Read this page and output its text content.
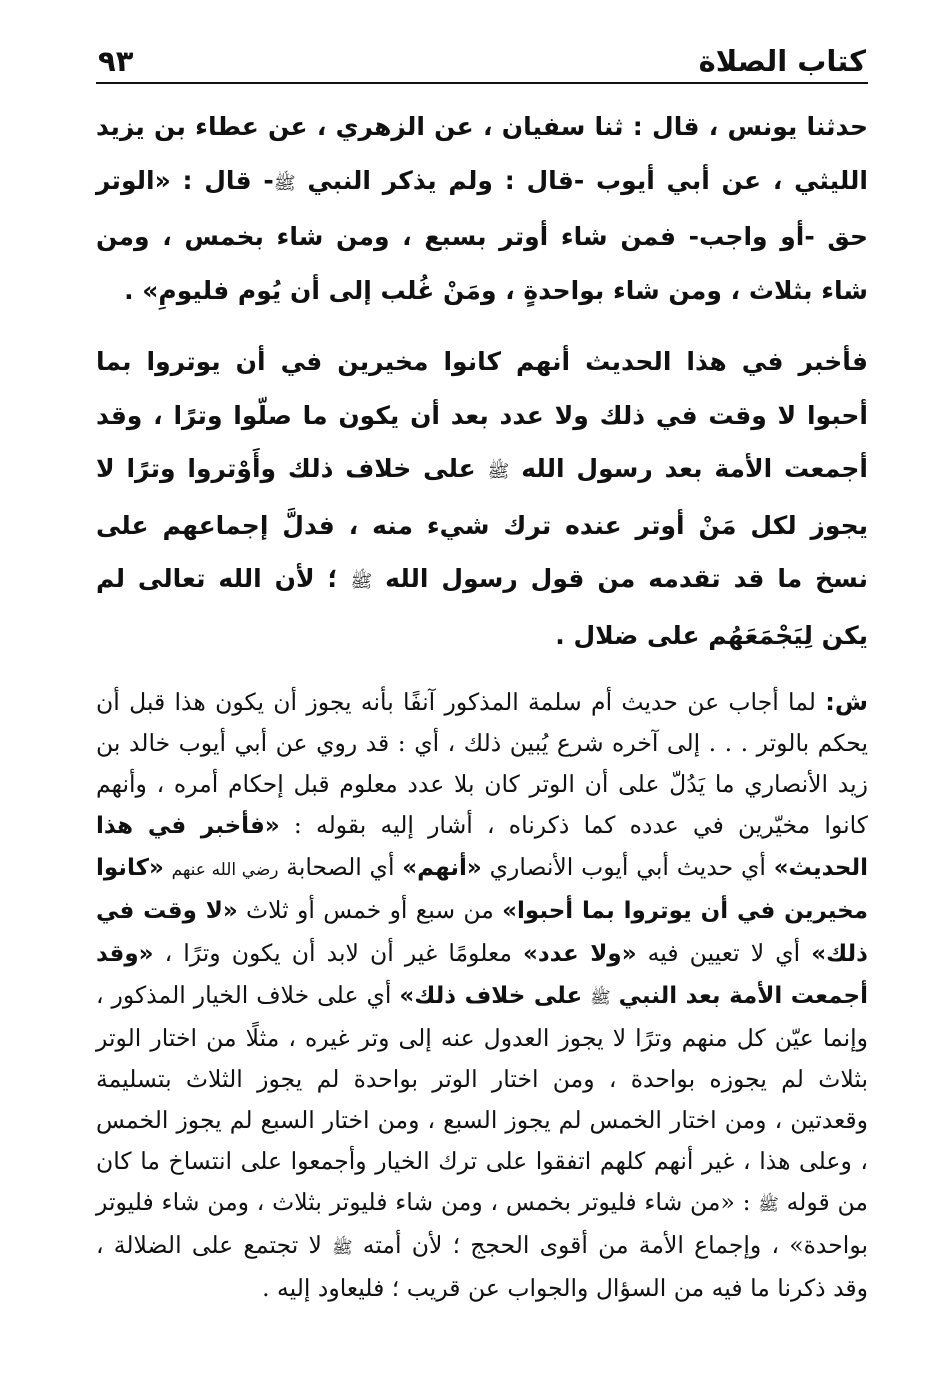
كتاب الصلاة
٩٣

حدثنا يونس ، قال : ثنا سفيان ، عن الزهري ، عن عطاء بن يزيد الليثي ، عن أبي أيوب -قال : ولم يذكر النبي ﷺ- قال : «الوتر حق -أو واجب- فمن شاء أوتر بسبع ، ومن شاء بخمس ، ومن شاء بثلاث ، ومن شاء بواحدةٍ ، ومَنْ غُلب إلى أن يُوم فليومِ» .

فأخبر في هذا الحديث أنهم كانوا مخيرين في أن يوتروا بما أحبوا لا وقت في ذلك ولا عدد بعد أن يكون ما صلّوا وترًا ، وقد أجمعت الأمة بعد رسول الله ﷺ على خلاف ذلك وأَوْتروا وترًا لا يجوز لكل مَنْ أوتر عنده ترك شيء منه ، فدلَّ إجماعهم على نسخ ما قد تقدمه من قول رسول الله ﷺ ؛ لأن الله تعالى لم يكن لِيَجْمَعَهُم على ضلال .

ش: لما أجاب عن حديث أم سلمة المذكور آنفًا بأنه يجوز أن يكون هذا قبل أن يحكم بالوتر . . . إلى آخره شرع يُبين ذلك ، أي : قد روي عن أبي أيوب خالد بن زيد الأنصاري ما يَدُلّ على أن الوتر كان بلا عدد معلوم قبل إحكام أمره ، وأنهم كانوا مخيّرين في عدده كما ذكرناه ، أشار إليه بقوله : «فأخبر في هذا الحديث» أي حديث أبي أيوب الأنصاري «أنهم» أي الصحابة رضي الله عنهم «كانوا مخيرين في أن يوتروا بما أحبوا» من سبع أو خمس أو ثلاث «لا وقت في ذلك» أي لا تعيين فيه «ولا عدد» معلومًا غير أن لابد أن يكون وترًا ، «وقد أجمعت الأمة بعد النبي ﷺ على خلاف ذلك» أي على خلاف الخيار المذكور ، وإنما عيّن كل منهم وترًا لا يجوز العدول عنه إلى وتر غيره ، مثلًا من اختار الوتر بثلاث لم يجوزه بواحدة ، ومن اختار الوتر بواحدة لم يجوز الثلاث بتسليمة وقعدتين ، ومن اختار الخمس لم يجوز السبع ، ومن اختار السبع لم يجوز الخمس ، وعلى هذا ، غير أنهم كلهم اتفقوا على ترك الخيار وأجمعوا على انتساخ ما كان من قوله ﷺ : «من شاء فليوتر بخمس ، ومن شاء فليوتر بثلاث ، ومن شاء فليوتر بواحدة» ، وإجماع الأمة من أقوى الحجج ؛ لأن أمته ﷺ لا تجتمع على الضلالة ، وقد ذكرنا ما فيه من السؤال والجواب عن قريب ؛ فليعاود إليه .
